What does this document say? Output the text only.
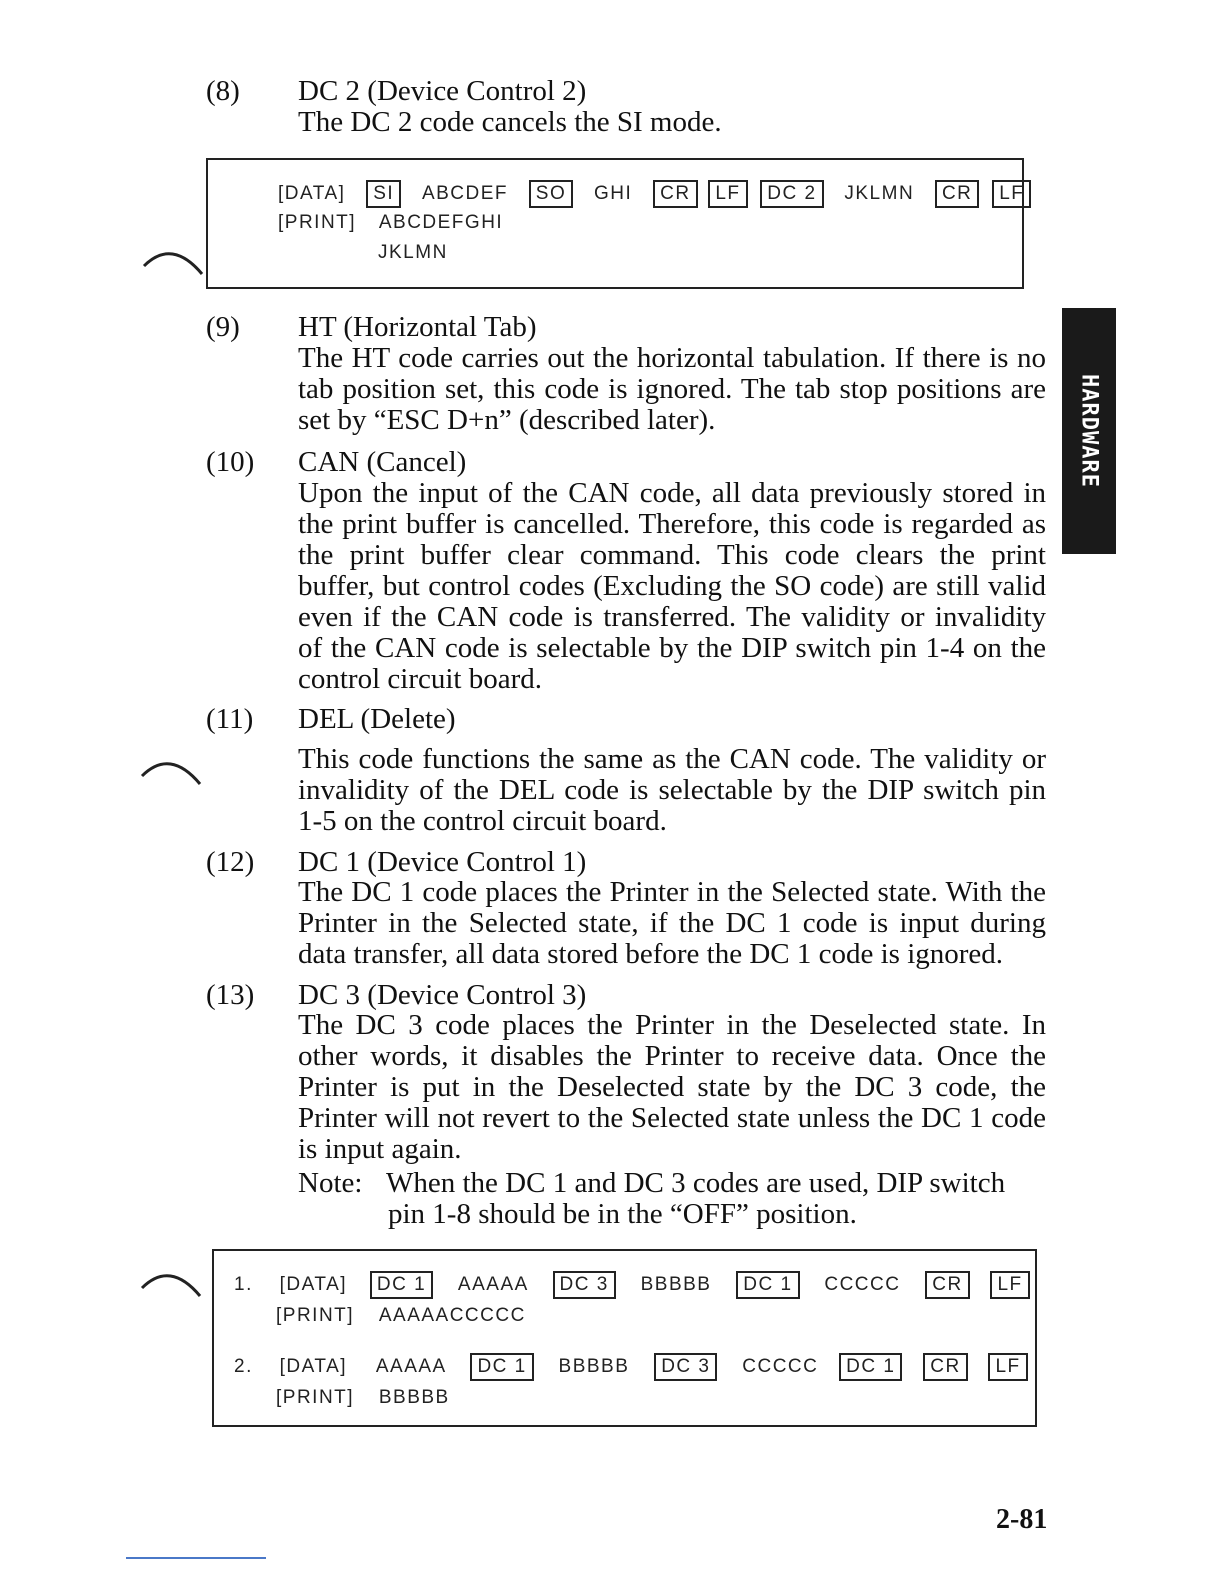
(8) DC 2 (Device Control 2)
The DC 2 code cancels the SI mode.
[DATA] SI ABCDEF SO GHI CR LF DC 2 JKLMN CR LF
[PRINT] ABCDEFGHI
JKLMN
(9) HT (Horizontal Tab)

The HT code carries out the horizontal tabulation. If there is no tab position set, this code is ignored. The tab stop positions are set by “ESC D+n” (described later).

(10) CAN (Cancel)

Upon the input of the CAN code, all data previously stored in the print buffer is cancelled. Therefore, this code is regarded as the print buffer clear command. This code clears the print buffer, but control codes (Excluding the SO code) are still valid even if the CAN code is transferred. The validity or invalidity of the CAN code is selectable by the DIP switch pin 1-4 on the control circuit board.

(11) DEL (Delete)

This code functions the same as the CAN code. The validity or invalidity of the DEL code is selectable by the DIP switch pin 1-5 on the control circuit board.

(12) DC 1 (Device Control 1)

The DC 1 code places the Printer in the Selected state. With the Printer in the Selected state, if the DC 1 code is input during data transfer, all data stored before the DC 1 code is ignored.

(13) DC 3 (Device Control 3)

The DC 3 code places the Printer in the Deselected state. In other words, it disables the Printer to receive data. Once the Printer is put in the Deselected state by the DC 3 code, the Printer will not revert to the Selected state unless the DC 1 code is input again.

Note: When the DC 1 and DC 3 codes are used, DIP switch
pin 1-8 should be in the “OFF” position.
1. [DATA] DC 1 AAAAA DC 3 BBBBB DC 1 CCCCC CR LF
[PRINT] AAAAACCCCC
2. [DATA] AAAAA DC 1 BBBBB DC 3 CCCCC DC 1 CR LF
[PRINT] BBBBB
HARDWARE
2-81
